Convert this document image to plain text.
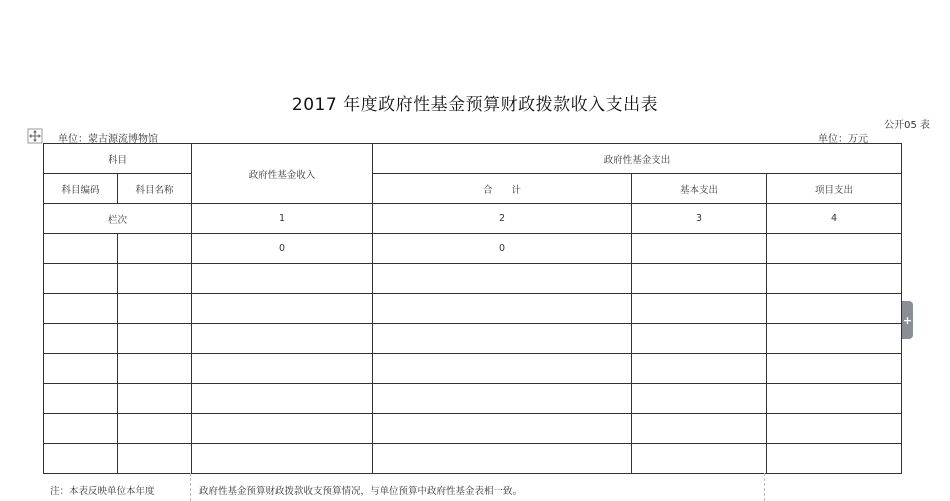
2017 年度政府性基金预算财政拨款收入支出表
公开05 表
单位：蒙古源流博物馆	单位：万元
科目		政府性基金收入	政府性基金支出		
科目编码	科目名称		合　　计	基本支出	项目支出
栏次		1	2	3	4
		0	0		

注：本表反映单位本年度	政府性基金预算财政拨款收支预算情况，与单位预算中政府性基金表相一致。
+
